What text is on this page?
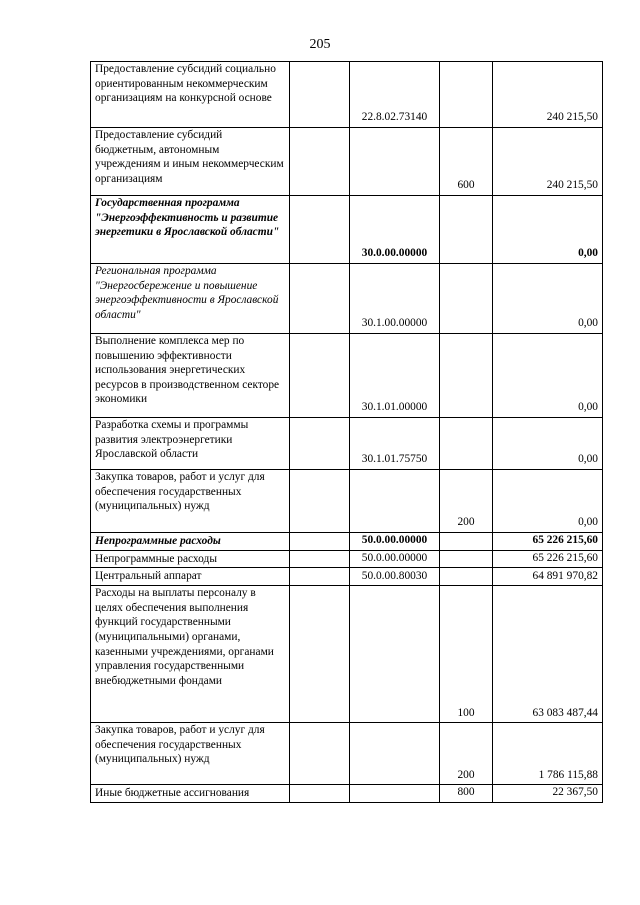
205
Предоставление субсидий социально ориентированным некоммерческим организациям на конкурсной основе		22.8.02.73140		240 215,50
Предоставление субсидий бюджетным, автономным учреждениям и иным некоммерческим организациям			600	240 215,50
Государственная программа "Энергоэффективность и развитие энергетики в Ярославской области"		30.0.00.00000		0,00
Региональная программа "Энергосбережение и повышение энергоэффективности в Ярославской области"		30.1.00.00000		0,00
Выполнение комплекса мер по повышению эффективности использования энергетических ресурсов в производственном секторе экономики		30.1.01.00000		0,00
Разработка схемы и программы развития электроэнергетики Ярославской области		30.1.01.75750		0,00
Закупка товаров, работ и услуг для обеспечения государственных (муниципальных) нужд			200	0,00
Непрограммные расходы		50.0.00.00000		65 226 215,60
Непрограммные расходы		50.0.00.00000		65 226 215,60
Центральный аппарат		50.0.00.80030		64 891 970,82
Расходы на выплаты персоналу в целях обеспечения выполнения функций государственными (муниципальными) органами, казенными учреждениями, органами управления государственными внебюджетными фондами			100	63 083 487,44
Закупка товаров, работ и услуг для обеспечения государственных (муниципальных) нужд			200	1 786 115,88
Иные бюджетные ассигнования			800	22 367,50
